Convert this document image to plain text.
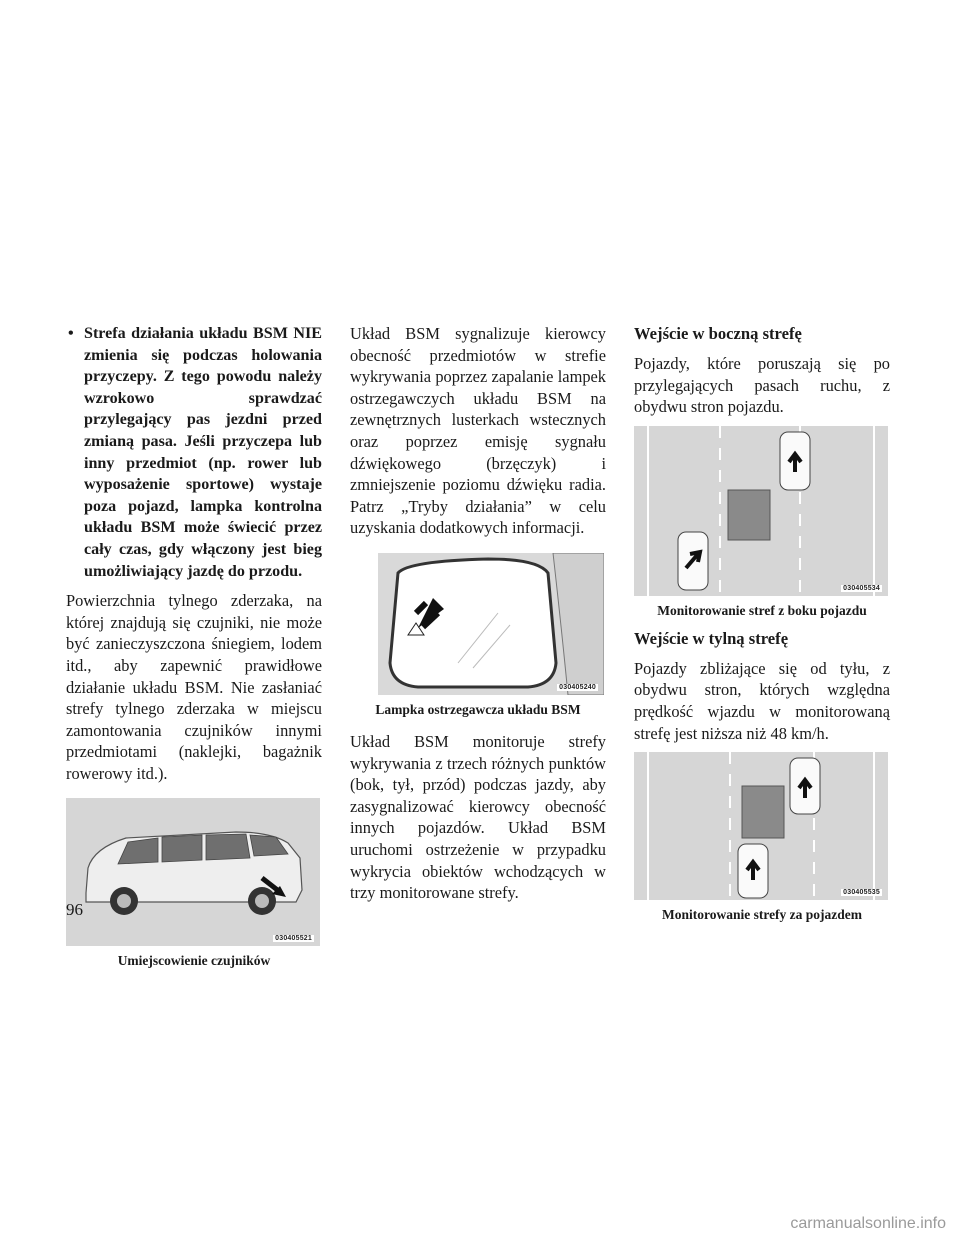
• Strefa działania układu BSM NIE zmienia się podczas holowania przyczepy. Z tego powodu należy wzrokowo sprawdzać przylegający pas jezdni przed zmianą pasa. Jeśli przyczepa lub inny przedmiot (np. rower lub wyposażenie sportowe) wystaje poza pojazd, lampka kontrolna układu BSM może świecić przez cały czas, gdy włączony jest bieg umożliwiający jazdę do przodu.

Powierzchnia tylnego zderzaka, na której znajdują się czujniki, nie może być zanieczyszczona śniegiem, lodem itd., aby zapewnić prawidłowe działanie układu BSM. Nie zasłaniać strefy tylnego zderzaka w miejscu zamontowania czujników innymi przedmiotami (naklejki, bagażnik rowerowy itd.).

030405521
Umiejscowienie czujników

Układ BSM sygnalizuje kierowcy obecność przedmiotów w strefie wykrywania poprzez zapalanie lampek ostrzegawczych układu BSM na zewnętrznych lusterkach wstecznych oraz poprzez emisję sygnału dźwiękowego (brzęczyk) i zmniejszenie poziomu dźwięku radia. Patrz „Tryby działania” w celu uzyskania dodatkowych informacji.

030405240
Lampka ostrzegawcza układu BSM

Układ BSM monitoruje strefy wykrywania z trzech różnych punktów (bok, tył, przód) podczas jazdy, aby zasygnalizować kierowcy obecność innych pojazdów. Układ BSM uruchomi ostrzeżenie w przypadku wykrycia obiektów wchodzących w trzy monitorowane strefy.

Wejście w boczną strefę

Pojazdy, które poruszają się po przylegających pasach ruchu, z obydwu stron pojazdu.

030405534
Monitorowanie stref z boku pojazdu
Wejście w tylną strefę

Pojazdy zbliżające się od tyłu, z obydwu stron, których względna prędkość wjazdu w monitorowaną strefę jest niższa niż 48 km/h.

030405535
Monitorowanie strefy za pojazdem
96
carmanualsonline.info
